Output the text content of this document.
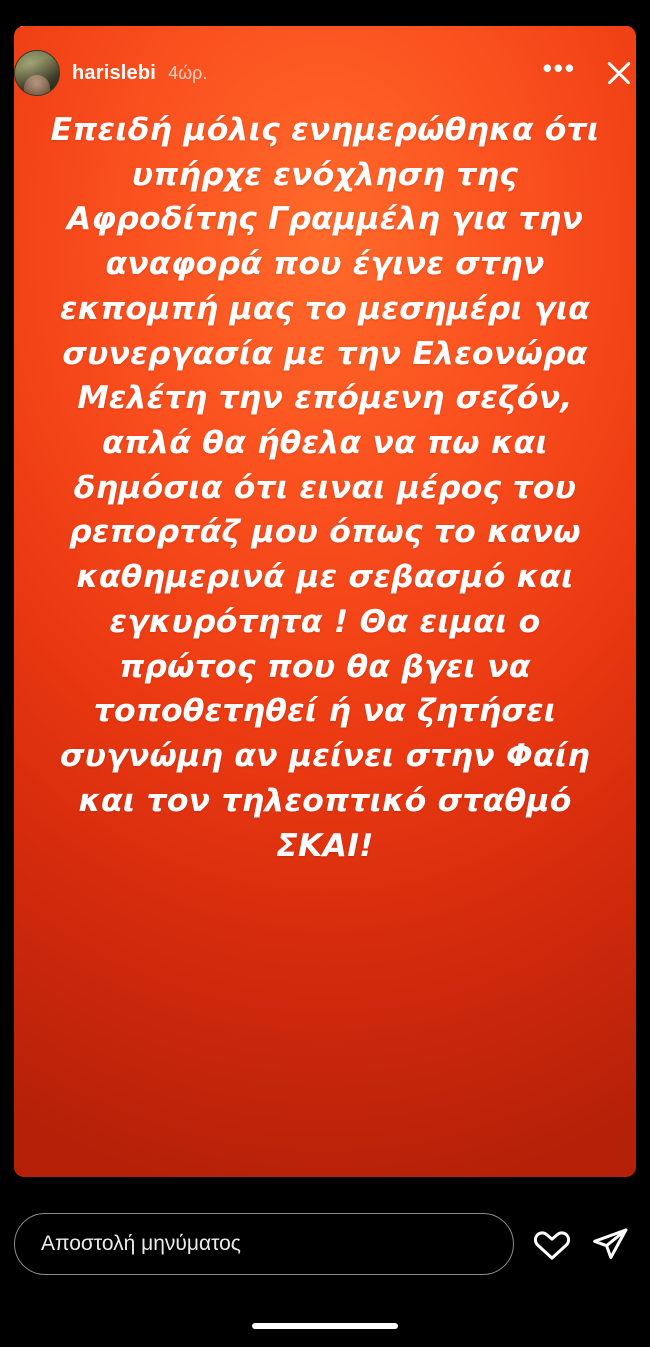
Επειδή μόλις ενημερώθηκα ότι υπήρχε ενόχληση της Αφροδίτης Γραμμέλη για την αναφορά που έγινε στην εκπομπή μας το μεσημέρι για συνεργασία με την Ελεονώρα Μελέτη την επόμενη σεζόν, απλά θα ήθελα να πω και δημόσια ότι ειναι μέρος του ρεπορτάζ μου όπως το κανω καθημερινά με σεβασμό και εγκυρότητα ! Θα ειμαι ο πρώτος που θα βγει να τοποθετηθεί ή να ζητήσει συγνώμη αν μείνει στην Φαίη και τον τηλεοπτικό σταθμό ΣΚΑΙ!
harislebi 4ώρ.	•••
Αποστολή μηνύματος
